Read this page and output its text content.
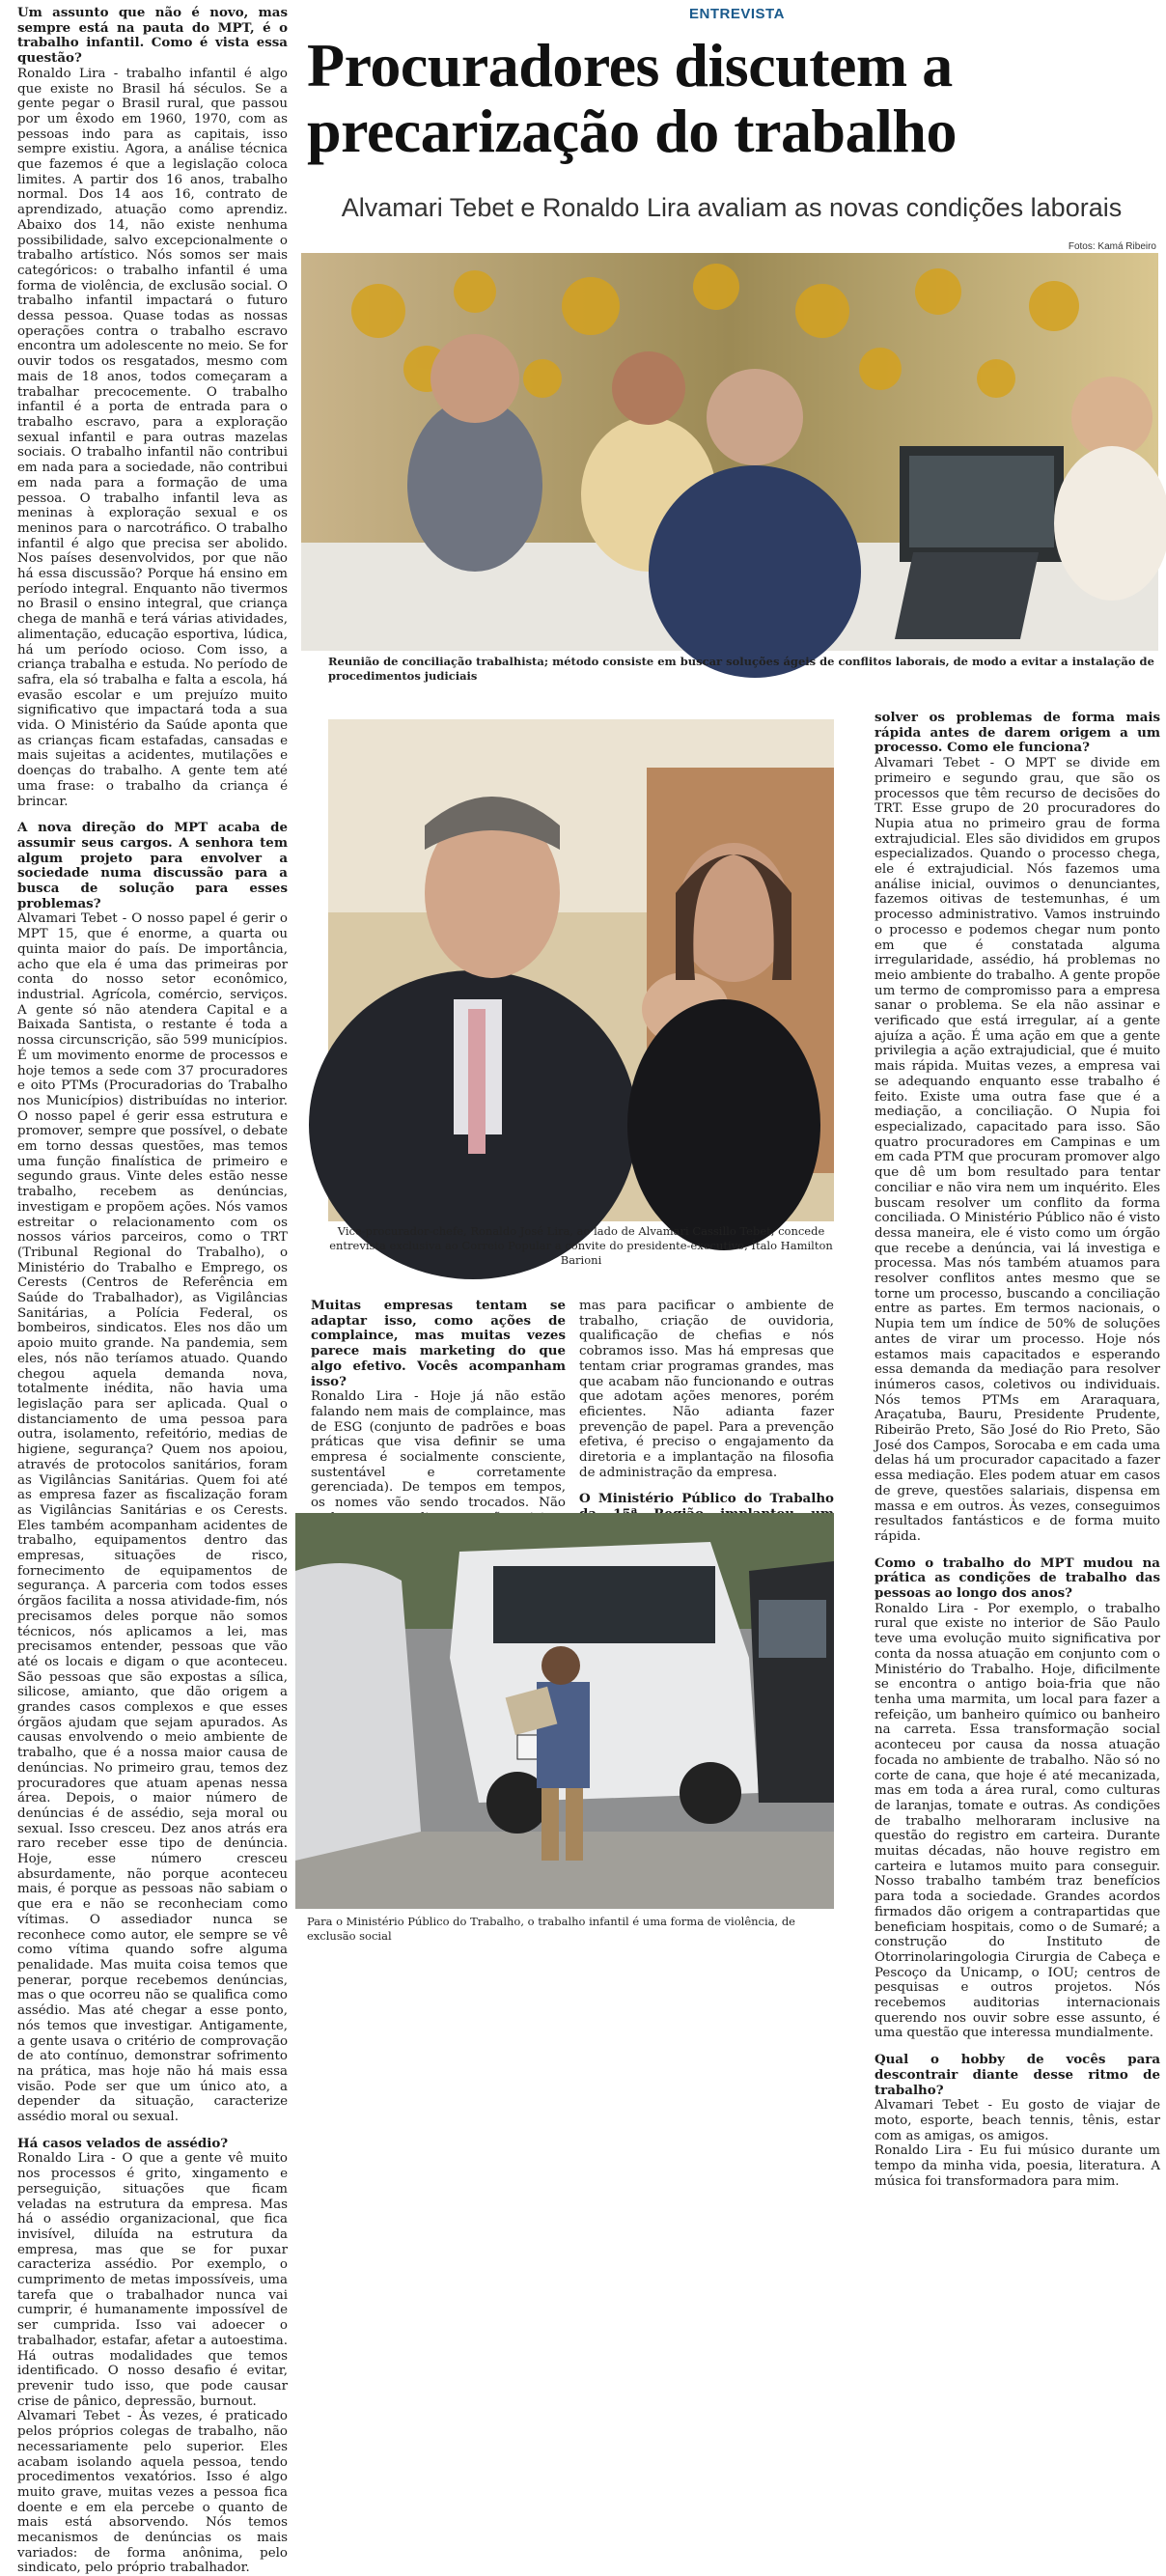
ENTREVISTA
Procuradores discutem a precarização do trabalho
Alvamari Tebet e Ronaldo Lira avaliam as novas condições laborais

Um assunto que não é novo, mas sempre está na pauta do MPT, é o trabalho infantil. Como é vista essa questão?

Ronaldo Lira - trabalho infantil é algo que existe no Brasil há séculos. Se a gente pegar o Brasil rural, que passou por um êxodo em 1960, 1970, com as pessoas indo para as capitais, isso sempre existiu. Agora, a análise técnica que fazemos é que a legislação coloca limites. A partir dos 16 anos, trabalho normal. Dos 14 aos 16, contrato de aprendizado, atuação como aprendiz. Abaixo dos 14, não existe nenhuma possibilidade, salvo excepcionalmente o trabalho artístico. Nós somos ser mais categóricos: o trabalho infantil é uma forma de violência, de exclusão social. O trabalho infantil impactará o futuro dessa pessoa. Quase todas as nossas operações contra o trabalho escravo encontra um adolescente no meio. Se for ouvir todos os resgatados, mesmo com mais de 18 anos, todos começaram a trabalhar precocemente. O trabalho infantil é a porta de entrada para o trabalho escravo, para a exploração sexual infantil e para outras mazelas sociais. O trabalho infantil não contribui em nada para a sociedade, não contribui em nada para a formação de uma pessoa. O trabalho infantil leva as meninas à exploração sexual e os meninos para o narcotráfico. O trabalho infantil é algo que precisa ser abolido. Nos países desenvolvidos, por que não há essa discussão? Porque há ensino em período integral. Enquanto não tivermos no Brasil o ensino integral, que criança chega de manhã e terá várias atividades, alimentação, educação esportiva, lúdica, há um período ocioso. Com isso, a criança trabalha e estuda. No período de safra, ela só trabalha e falta a escola, há evasão escolar e um prejuízo muito significativo que impactará toda a sua vida. O Ministério da Saúde aponta que as crianças ficam estafadas, cansadas e mais sujeitas a acidentes, mutilações e doenças do trabalho. A gente tem até uma frase: o trabalho da criança é brincar.

A nova direção do MPT acaba de assumir seus cargos. A senhora tem algum projeto para envolver a sociedade numa discussão para a busca de solução para esses problemas?

Alvamari Tebet - O nosso papel é gerir o MPT 15, que é enorme, a quarta ou quinta maior do país. De importância, acho que ela é uma das primeiras por conta do nosso setor econômico, industrial. Agrícola, comércio, serviços. A gente só não atendera Capital e a Baixada Santista, o restante é toda a nossa circunscrição, são 599 municípios. É um movimento enorme de processos e hoje temos a sede com 37 procuradores e oito PTMs (Procuradorias do Trabalho nos Municípios) distribuídas no interior. O nosso papel é gerir essa estrutura e promover, sempre que possível, o debate em torno dessas questões, mas temos uma função finalística de primeiro e segundo graus. Vinte deles estão nesse trabalho, recebem as denúncias, investigam e propõem ações. Nós vamos estreitar o relacionamento com os nossos vários parceiros, como o TRT (Tribunal Regional do Trabalho), o Ministério do Trabalho e Emprego, os Cerests (Centros de Referência em Saúde do Trabalhador), as Vigilâncias Sanitárias, a Polícia Federal, os bombeiros, sindicatos. Eles nos dão um apoio muito grande. Na pandemia, sem eles, nós não teríamos atuado. Quando chegou aquela demanda nova, totalmente inédita, não havia uma legislação para ser aplicada. Qual o distanciamento de uma pessoa para outra, isolamento, refeitório, medias de higiene, segurança? Quem nos apoiou, através de protocolos sanitários, foram as Vigilâncias Sanitárias. Quem foi até as empresa fazer as fiscalização foram as Vigilâncias Sanitárias e os Cerests. Eles também acompanham acidentes de trabalho, equipamentos dentro das empresas, situações de risco, fornecimento de equipamentos de segurança. A parceria com todos esses órgãos facilita a nossa atividade-fim, nós precisamos deles porque não somos técnicos, nós aplicamos a lei, mas precisamos entender, pessoas que vão até os locais e digam o que aconteceu. São pessoas que são expostas a sílica, silicose, amianto, que dão origem a grandes casos complexos e que esses órgãos ajudam que sejam apurados. As causas envolvendo o meio ambiente de trabalho, que é a nossa maior causa de denúncias. No primeiro grau, temos dez procuradores que atuam apenas nessa área. Depois, o maior número de denúncias é de assédio, seja moral ou sexual. Isso cresceu. Dez anos atrás era raro receber esse tipo de denúncia. Hoje, esse número cresceu absurdamente, não porque aconteceu mais, é porque as pessoas não sabiam o que era e não se reconheciam como vítimas. O assediador nunca se reconhece como autor, ele sempre se vê como vítima quando sofre alguma penalidade. Mas muita coisa temos que penerar, porque recebemos denúncias, mas o que ocorreu não se qualifica como assédio. Mas até chegar a esse ponto, nós temos que investigar. Antigamente, a gente usava o critério de comprovação de ato contínuo, demonstrar sofrimento na prática, mas hoje não há mais essa visão. Pode ser que um único ato, a depender da situação, caracterize assédio moral ou sexual.

Há casos velados de assédio?

Ronaldo Lira - O que a gente vê muito nos processos é grito, xingamento e perseguição, situações que ficam veladas na estrutura da empresa. Mas há o assédio organizacional, que fica invisível, diluída na estrutura da empresa, mas que se for puxar caracteriza assédio. Por exemplo, o cumprimento de metas impossíveis, uma tarefa que o trabalhador nunca vai cumprir, é humanamente impossível de ser cumprida. Isso vai adoecer o trabalhador, estafar, afetar a autoestima. Há outras modalidades que temos identificado. O nosso desafio é evitar, prevenir tudo isso, que pode causar crise de pânico, depressão, burnout.

Alvamari Tebet - Às vezes, é praticado pelos próprios colegas de trabalho, não necessariamente pelo superior. Eles acabam isolando aquela pessoa, tendo procedimentos vexatórios. Isso é algo muito grave, muitas vezes a pessoa fica doente e em ela percebe o quanto de mais está absorvendo. Nós temos mecanismos de denúncias os mais variados: de forma anônima, pelo sindicato, pelo próprio trabalhador.

Fotos: Kamá Ribeiro
Reunião de conciliação trabalhista; método consiste em buscar soluções ágeis de conflitos laborais, de modo a evitar a instalação de procedimentos judiciais
Vice-procurador-chefe, Ronaldo José Lira, ao lado de Alvamari Cassillo Tebet, concede entrevista exclusiva ao Correio Popular a convite do presidente-executivo, Ítalo Hamilton Barioni

Muitas empresas tentam se adaptar isso, como ações de complaince, mas muitas vezes parece mais marketing do que algo efetivo. Vocês acompanham isso?

Ronaldo Lira - Hoje já não estão falando nem mais de complaince, mas de ESG (conjunto de padrões e boas práticas que visa definir se uma empresa é socialmente consciente, sustentável e corretamente gerenciada). De tempos em tempos, os nomes vão sendo trocados. Não

mas para pacificar o ambiente de trabalho, criação de ouvidoria, qualificação de chefias e nós cobramos isso. Mas há empresas que tentam criar programas grandes, mas que acabam não funcionando e outras que adotam ações menores, porém eficientes. Não adianta fazer prevenção de papel. Para a prevenção efetiva, é preciso o engajamento da diretoria e a implantação na filosofia de administração da empresa.

O Ministério Público do Trabalho

Para o Ministério Público do Trabalho, o trabalho infantil é uma forma de violência, de exclusão social

solver os problemas de forma mais rápida antes de darem origem a um processo. Como ele funciona?

Alvamari Tebet - O MPT se divide em primeiro e segundo grau, que são os processos que têm recurso de decisões do TRT. Esse grupo de 20 procuradores do Nupia atua no primeiro grau de forma extrajudicial. Eles são divididos em grupos especializados. Quando o processo chega, ele é extrajudicial. Nós fazemos uma análise inicial, ouvimos o denunciantes, fazemos oitivas de testemunhas, é um processo administrativo. Vamos instruindo o processo e podemos chegar num ponto em que é constatada alguma irregularidade, assédio, há problemas no meio ambiente do trabalho. A gente propõe um termo de compromisso para a empresa sanar o problema. Se ela não assinar e verificado que está irregular, aí a gente ajuíza a ação. É uma ação em que a gente privilegia a ação extrajudicial, que é muito mais rápida. Muitas vezes, a empresa vai se adequando enquanto esse trabalho é feito. Existe uma outra fase que é a mediação, a conciliação. O Nupia foi especializado, capacitado para isso. São quatro procuradores em Campinas e um em cada PTM que procuram promover algo que dê um bom resultado para tentar conciliar e não vira nem um inquérito. Eles buscam resolver um conflito da forma conciliada. O Ministério Público não é visto dessa maneira, ele é visto como um órgão que recebe a denúncia, vai lá investiga e processa. Mas nós também atuamos para resolver conflitos antes mesmo que se torne um processo, buscando a conciliação entre as partes. Em termos nacionais, o Nupia tem um índice de 50% de soluções antes de virar um processo. Hoje nós estamos mais capacitados e esperando essa demanda da mediação para resolver inúmeros casos, coletivos ou individuais. Nós temos PTMs em Araraquara, Araçatuba, Bauru, Presidente Prudente, Ribeirão Preto, São José do Rio Preto, São José dos Campos, Sorocaba e em cada uma delas há um procurador capacitado a fazer essa mediação. Eles podem atuar em casos de greve, questões salariais, dispensa em massa e em outros. Às vezes, conseguimos resultados fantásticos e de forma muito rápida.

Como o trabalho do MPT mudou na prática as condições de trabalho das pessoas ao longo dos anos?

Ronaldo Lira - Por exemplo, o trabalho rural que existe no interior de São Paulo teve uma evolução muito significativa por conta da nossa atuação em conjunto com o Ministério do Trabalho. Hoje, dificilmente se encontra o antigo boia-fria que não tenha uma marmita, um local para fazer a refeição, um banheiro químico ou banheiro na carreta. Essa transformação social aconteceu por causa da nossa atuação focada no ambiente de trabalho. Não só no corte de cana, que hoje é até mecanizada, mas em toda a área rural, como culturas de laranjas, tomate e outras. As condições de trabalho melhoraram inclusive na questão do registro em carteira. Durante muitas décadas, não houve registro em carteira e lutamos muito para conseguir. Nosso trabalho também traz benefícios para toda a sociedade. Grandes acordos firmados dão origem a contrapartidas que beneficiam hospitais, como o de Sumaré; a construção do Instituto de Otorrinolaringologia Cirurgia de Cabeça e Pescoço da Unicamp, o IOU; centros de pesquisas e outros projetos. Nós recebemos auditorias internacionais querendo nos ouvir sobre esse assunto, é uma questão que interessa mundialmente.

Qual o hobby de vocês para descontrair diante desse ritmo de trabalho?

Alvamari Tebet - Eu gosto de viajar de moto, esporte, beach tennis, tênis, estar com as amigas, os amigos.

Ronaldo Lira - Eu fui músico durante um tempo da minha vida, poesia, literatura. A música foi transformadora para mim.
